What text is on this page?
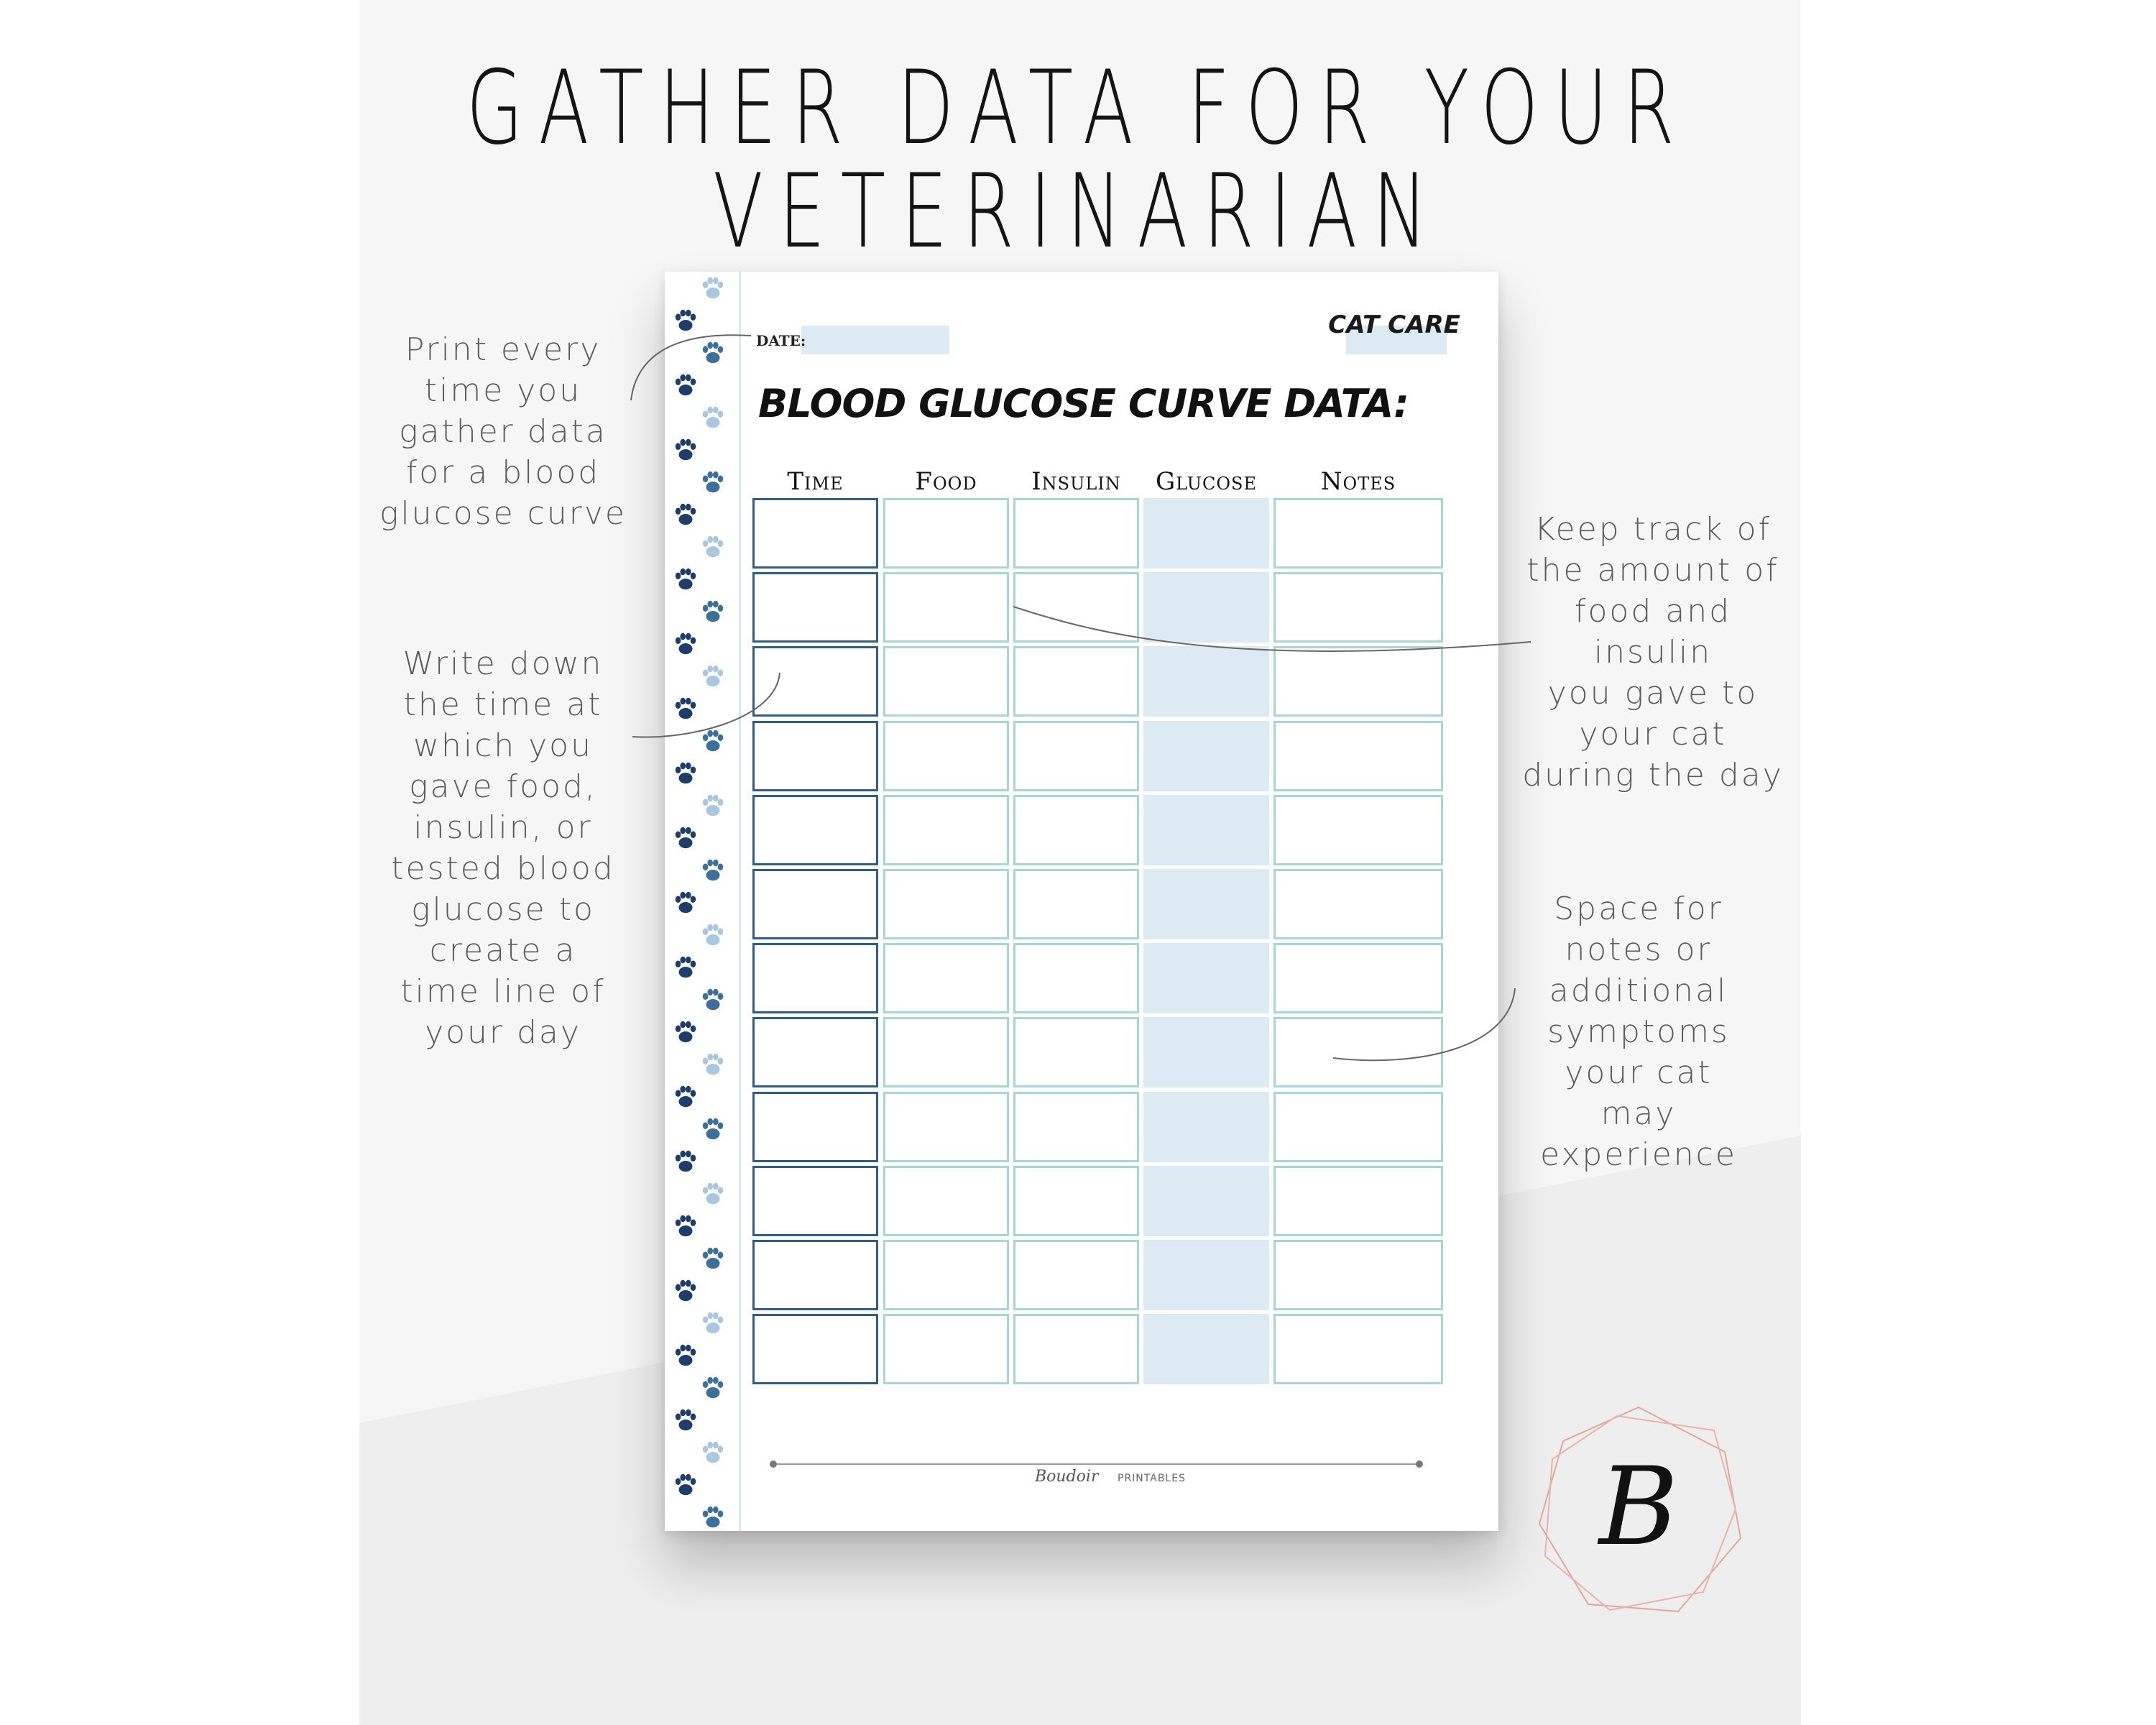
GATHER DATA FOR YOUR
VETERINARIAN
Print every
time you
gather data
for a blood
glucose curve
Write down
the time at
which you
gave food,
insulin, or
tested blood
glucose to
create a
time line of
your day
Keep track of
the amount of
food and
insulin
you gave to
your cat
during the day
Space for
notes or
additional
symptoms
your cat
may
experience
DATE:
CAT CARE
BLOOD GLUCOSE CURVE DATA:
Time	Food	Insulin	Glucose	Notes
Boudoir PRINTABLES	B
